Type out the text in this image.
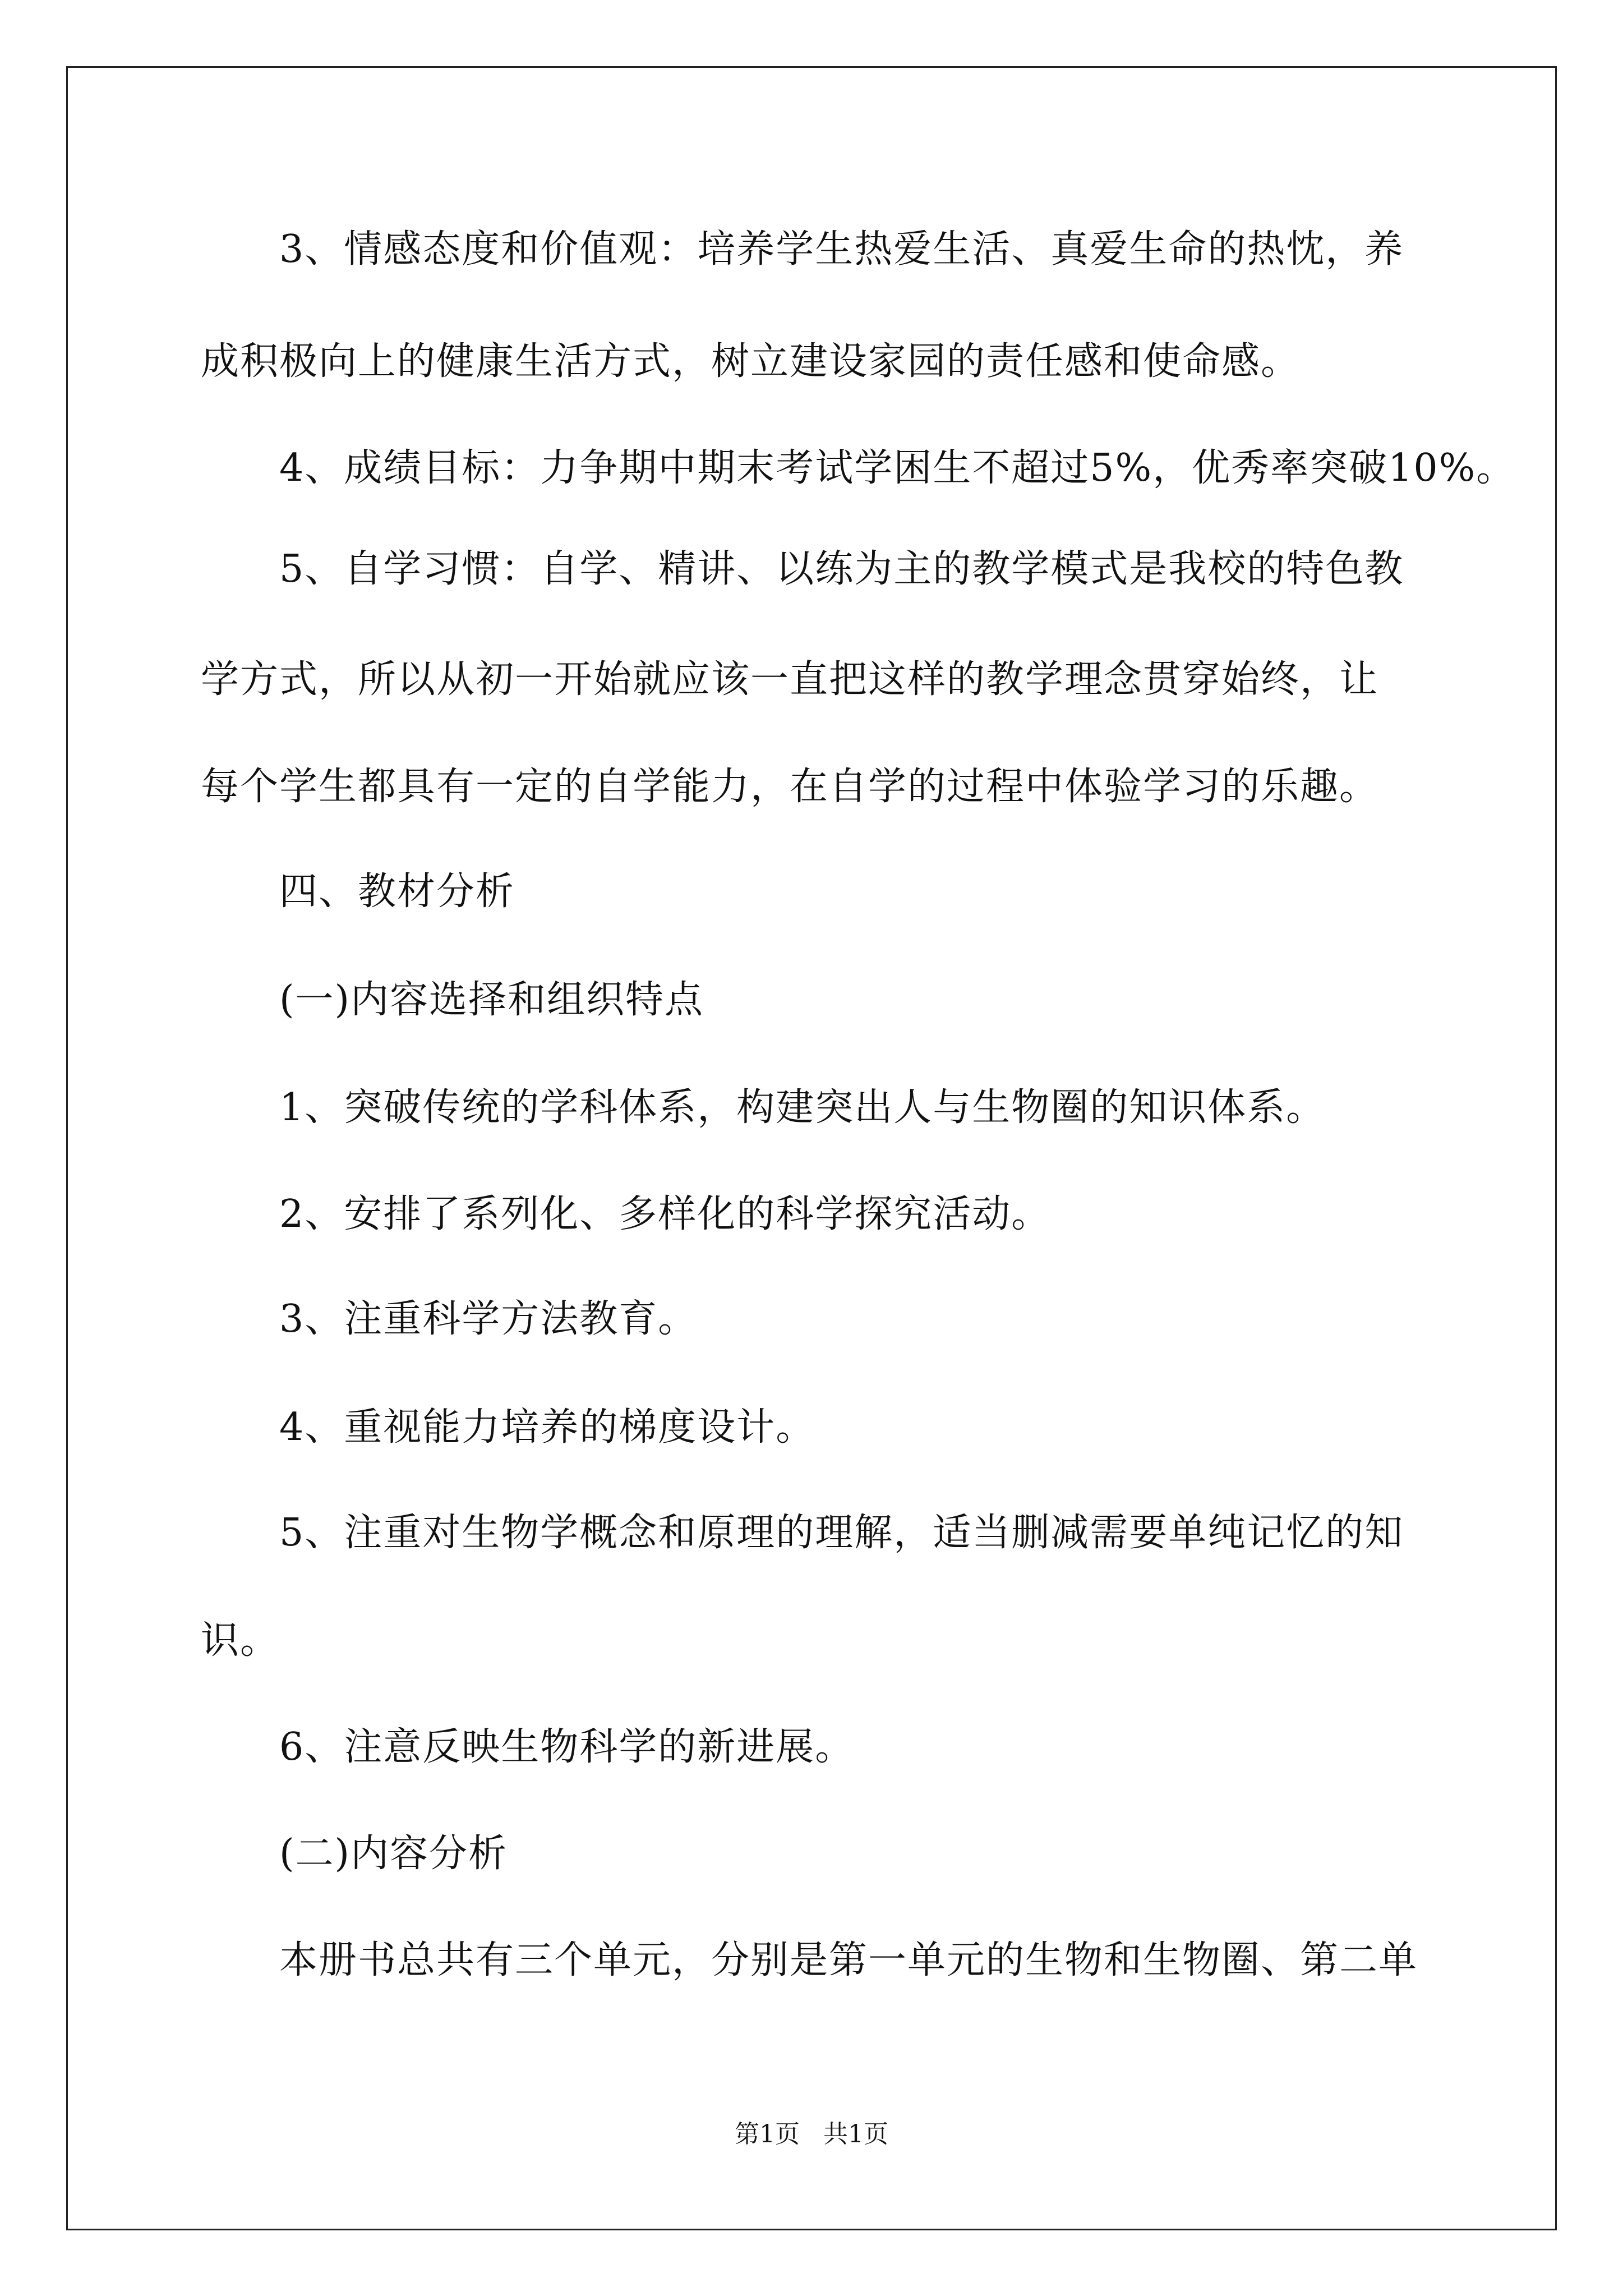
3、情感态度和价值观：培养学生热爱生活、真爱生命的热忱，养
成积极向上的健康生活方式，树立建设家园的责任感和使命感。
4、成绩目标：力争期中期末考试学困生不超过5%，优秀率突破10%。
5、自学习惯：自学、精讲、以练为主的教学模式是我校的特色教
学方式，所以从初一开始就应该一直把这样的教学理念贯穿始终，让
每个学生都具有一定的自学能力，在自学的过程中体验学习的乐趣。
四、教材分析
(一)内容选择和组织特点
1、突破传统的学科体系，构建突出人与生物圈的知识体系。
2、安排了系列化、多样化的科学探究活动。
3、注重科学方法教育。
4、重视能力培养的梯度设计。
5、注重对生物学概念和原理的理解，适当删减需要单纯记忆的知
识。
6、注意反映生物科学的新进展。
(二)内容分析
本册书总共有三个单元，分别是第一单元的生物和生物圈、第二单
第1页   共1页
